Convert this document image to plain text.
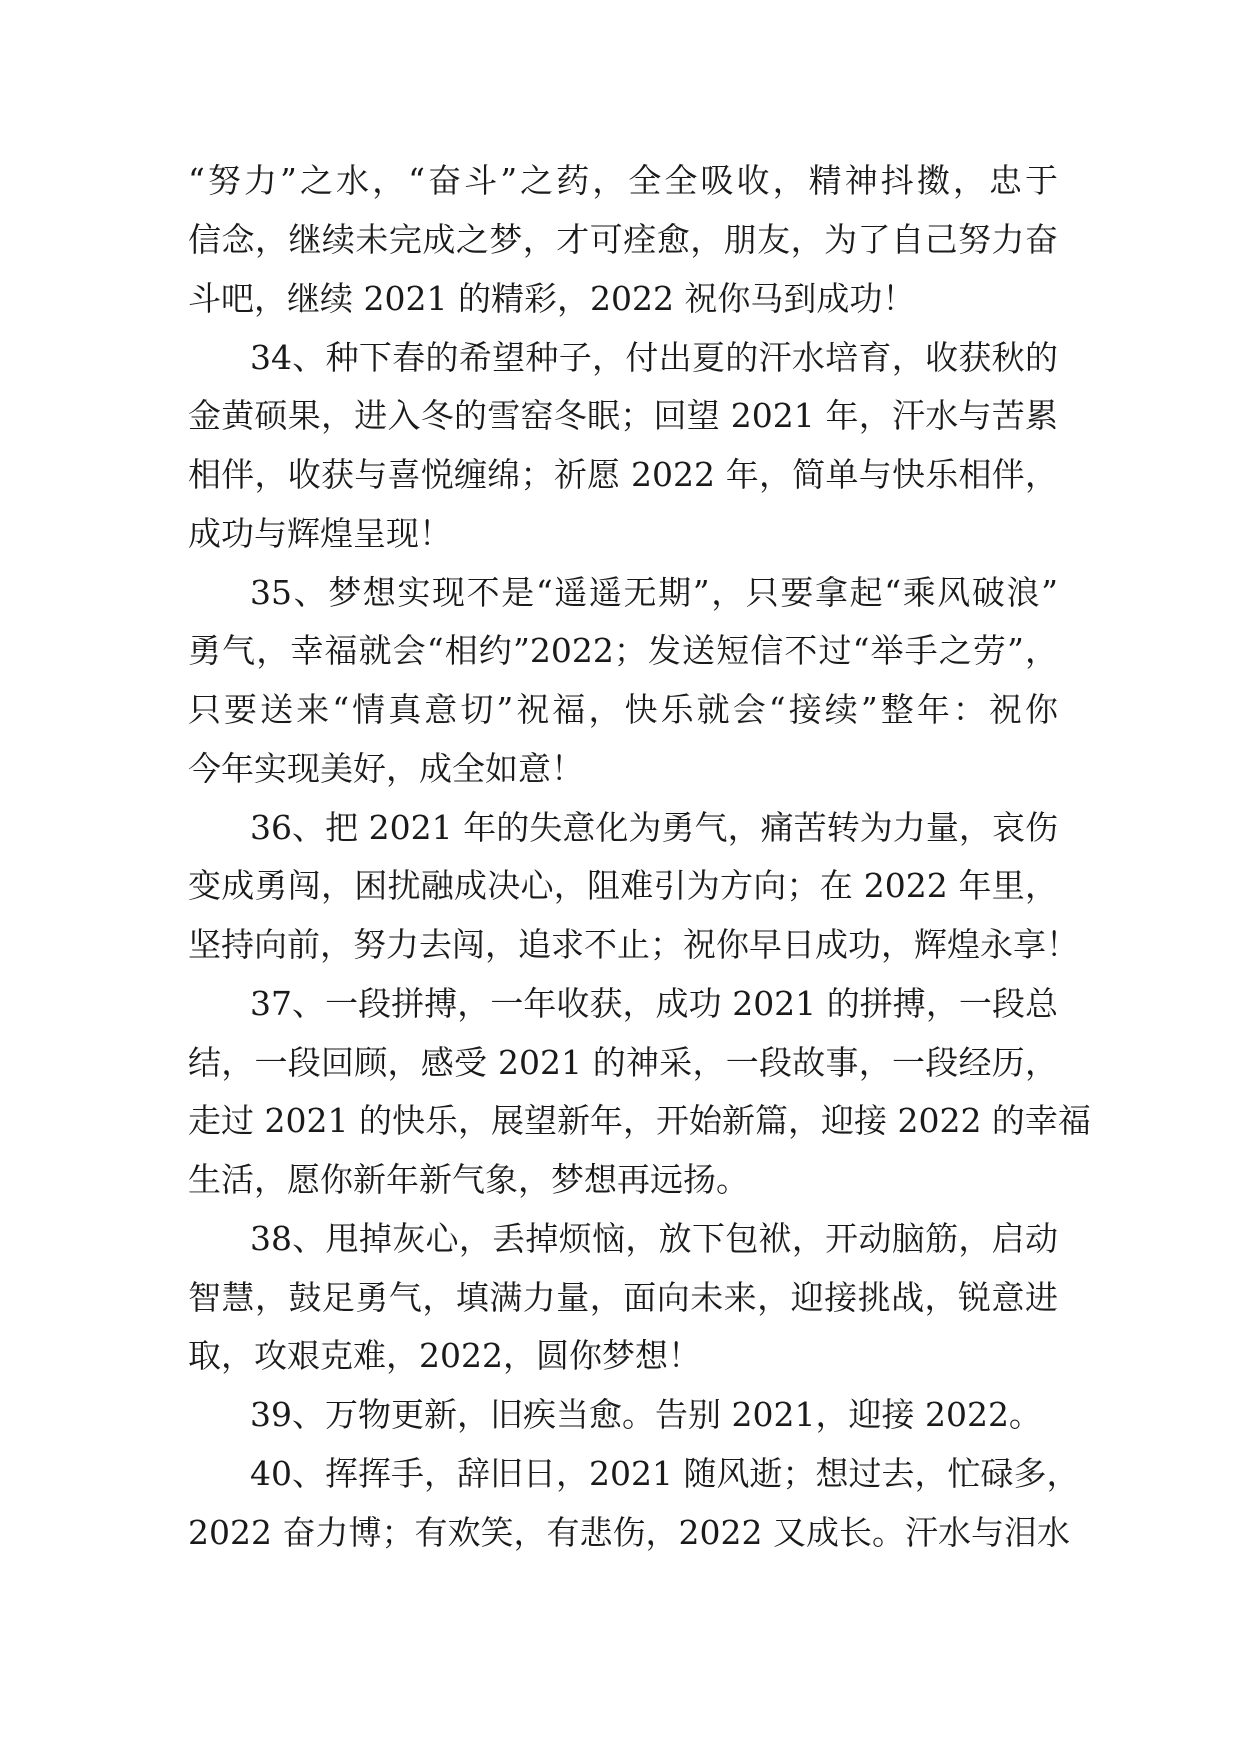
“努力”之水，“奋斗”之药，全全吸收，精神抖擞，忠于

信念，继续未完成之梦，才可痊愈，朋友，为了自己努力奋

斗吧，继续 2021 的精彩，2022 祝你马到成功！

34、种下春的希望种子，付出夏的汗水培育，收获秋的

金黄硕果，进入冬的雪窑冬眠；回望 2021 年，汗水与苦累

相伴，收获与喜悦缠绵；祈愿 2022 年，简单与快乐相伴，

成功与辉煌呈现！

35、梦想实现不是“遥遥无期”，只要拿起“乘风破浪”

勇气，幸福就会“相约”2022；发送短信不过“举手之劳”，

只要送来“情真意切”祝福，快乐就会“接续”整年：祝你

今年实现美好，成全如意！

36、把 2021 年的失意化为勇气，痛苦转为力量，哀伤

变成勇闯，困扰融成决心，阻难引为方向；在 2022 年里，

坚持向前，努力去闯，追求不止；祝你早日成功，辉煌永享！

37、一段拼搏，一年收获，成功 2021 的拼搏，一段总

结，一段回顾，感受 2021 的神采，一段故事，一段经历，

走过 2021 的快乐，展望新年，开始新篇，迎接 2022 的幸福

生活，愿你新年新气象，梦想再远扬。

38、甩掉灰心，丢掉烦恼，放下包袱，开动脑筋，启动

智慧，鼓足勇气，填满力量，面向未来，迎接挑战，锐意进

取，攻艰克难，2022，圆你梦想！

39、万物更新，旧疾当愈。告别 2021，迎接 2022。

40、挥挥手，辞旧日，2021 随风逝；想过去，忙碌多，

2022 奋力博；有欢笑，有悲伤，2022 又成长。汗水与泪水
